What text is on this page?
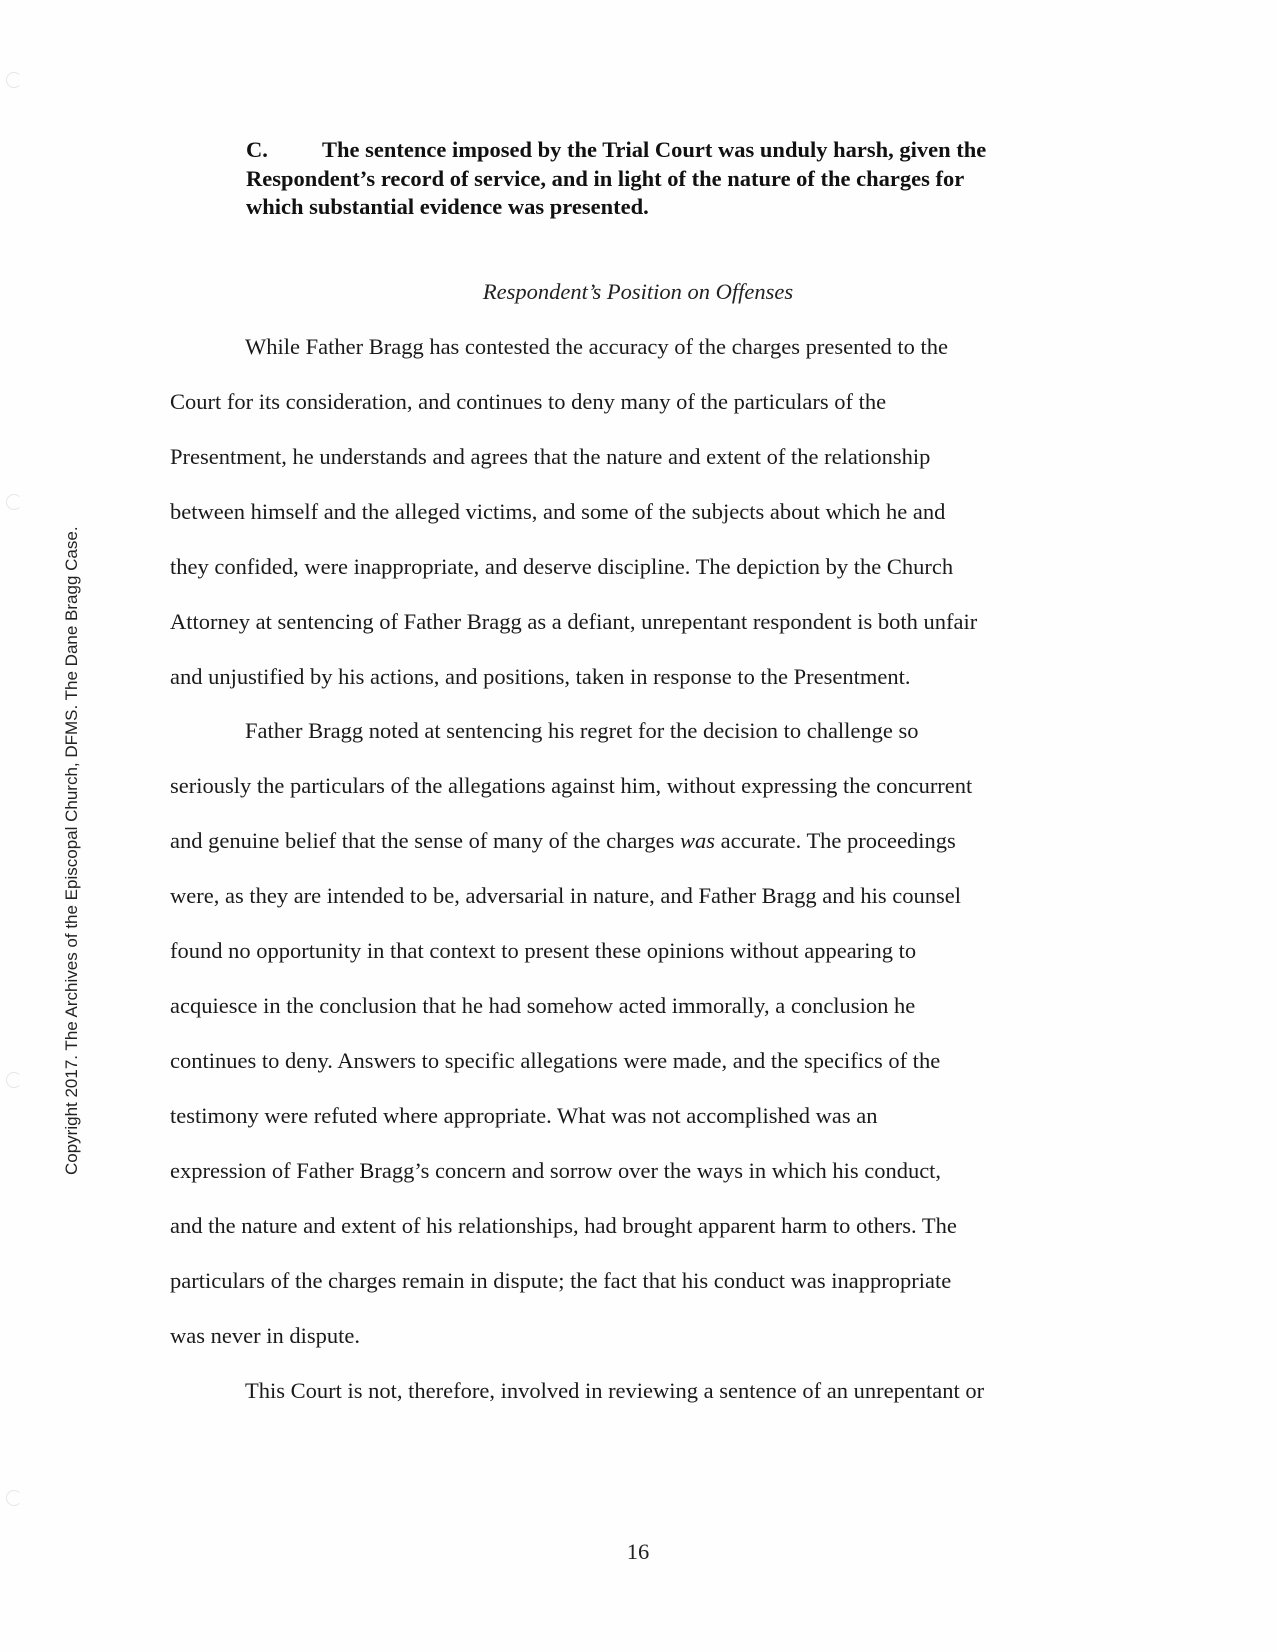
Copyright 2017. The Archives of the Episcopal Church, DFMS. The Dane Bragg Case.
C. The sentence imposed by the Trial Court was unduly harsh, given the
Respondent’s record of service, and in light of the nature of the charges for
which substantial evidence was presented.
Respondent’s Position on Offenses
While Father Bragg has contested the accuracy of the charges presented to the
Court for its consideration, and continues to deny many of the particulars of the
Presentment, he understands and agrees that the nature and extent of the relationship
between himself and the alleged victims, and some of the subjects about which he and
they confided, were inappropriate, and deserve discipline. The depiction by the Church
Attorney at sentencing of Father Bragg as a defiant, unrepentant respondent is both unfair
and unjustified by his actions, and positions, taken in response to the Presentment.
Father Bragg noted at sentencing his regret for the decision to challenge so
seriously the particulars of the allegations against him, without expressing the concurrent
and genuine belief that the sense of many of the charges was accurate. The proceedings
were, as they are intended to be, adversarial in nature, and Father Bragg and his counsel
found no opportunity in that context to present these opinions without appearing to
acquiesce in the conclusion that he had somehow acted immorally, a conclusion he
continues to deny. Answers to specific allegations were made, and the specifics of the
testimony were refuted where appropriate. What was not accomplished was an
expression of Father Bragg’s concern and sorrow over the ways in which his conduct,
and the nature and extent of his relationships, had brought apparent harm to others. The
particulars of the charges remain in dispute; the fact that his conduct was inappropriate
was never in dispute.
This Court is not, therefore, involved in reviewing a sentence of an unrepentant or
16
